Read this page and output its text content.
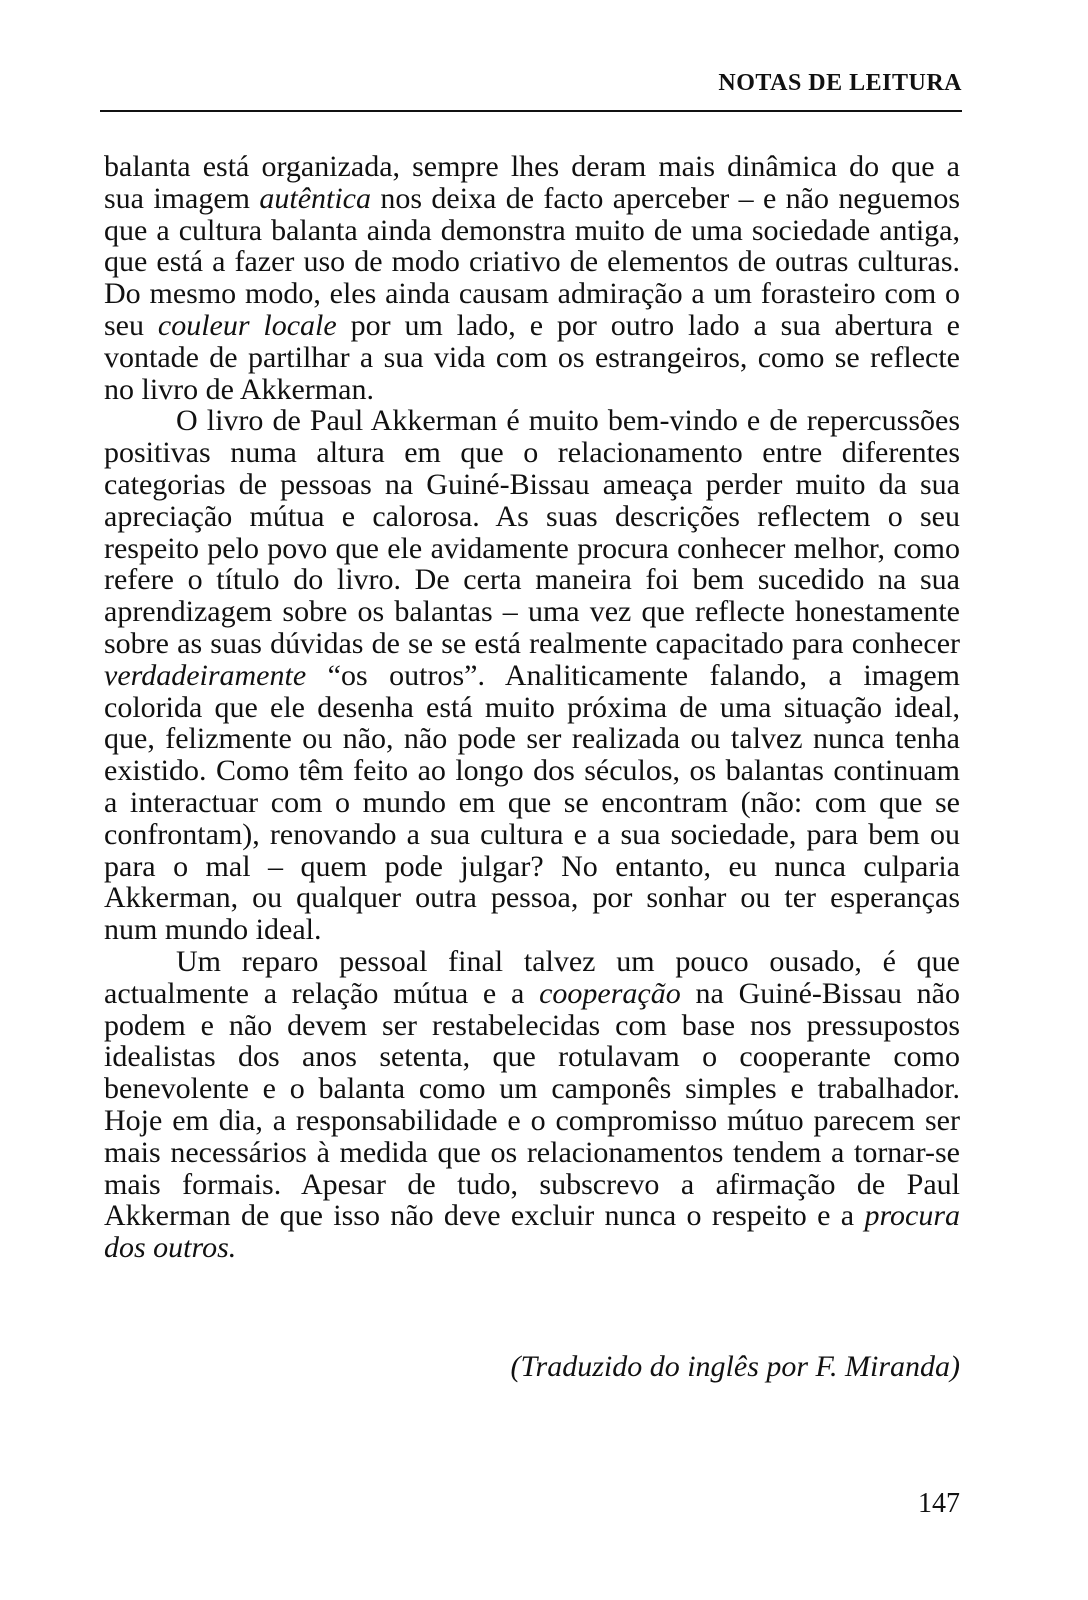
NOTAS DE LEITURA

balanta está organizada, sempre lhes deram mais dinâmica do que a sua imagem autêntica nos deixa de facto aperceber – e não neguemos que a cultura balanta ainda demonstra muito de uma sociedade antiga, que está a fazer uso de modo criativo de elementos de outras culturas. Do mesmo modo, eles ainda causam admiração a um forasteiro com o seu couleur locale por um lado, e por outro lado a sua abertura e vontade de partilhar a sua vida com os estrangeiros, como se reflecte no livro de Akkerman.

O livro de Paul Akkerman é muito bem-vindo e de repercussões positivas numa altura em que o relacionamento entre diferentes categorias de pessoas na Guiné-Bissau ameaça perder muito da sua apreciação mútua e calorosa. As suas descrições reflectem o seu respeito pelo povo que ele avidamente procura conhecer melhor, como refere o título do livro. De certa maneira foi bem sucedido na sua aprendizagem sobre os balantas – uma vez que reflecte honestamente sobre as suas dúvidas de se se está realmente capacitado para conhecer verdadeiramente “os outros”. Analiticamente falando, a imagem colorida que ele desenha está muito próxima de uma situação ideal, que, felizmente ou não, não pode ser realizada ou talvez nunca tenha existido. Como têm feito ao longo dos séculos, os balantas continuam a interactuar com o mundo em que se encontram (não: com que se confrontam), renovando a sua cultura e a sua sociedade, para bem ou para o mal – quem pode julgar? No entanto, eu nunca culparia Akkerman, ou qualquer outra pessoa, por sonhar ou ter esperanças num mundo ideal.

Um reparo pessoal final talvez um pouco ousado, é que actualmente a relação mútua e a cooperação na Guiné-Bissau não podem e não devem ser restabelecidas com base nos pressupostos idealistas dos anos setenta, que rotulavam o cooperante como benevolente e o balanta como um camponês simples e trabalhador. Hoje em dia, a responsabilidade e o compromisso mútuo parecem ser mais necessários à medida que os relacionamentos tendem a tornar-se mais formais. Apesar de tudo, subscrevo a afirmação de Paul Akkerman de que isso não deve excluir nunca o respeito e a procura dos outros.

(Traduzido do inglês por F. Miranda)
147
